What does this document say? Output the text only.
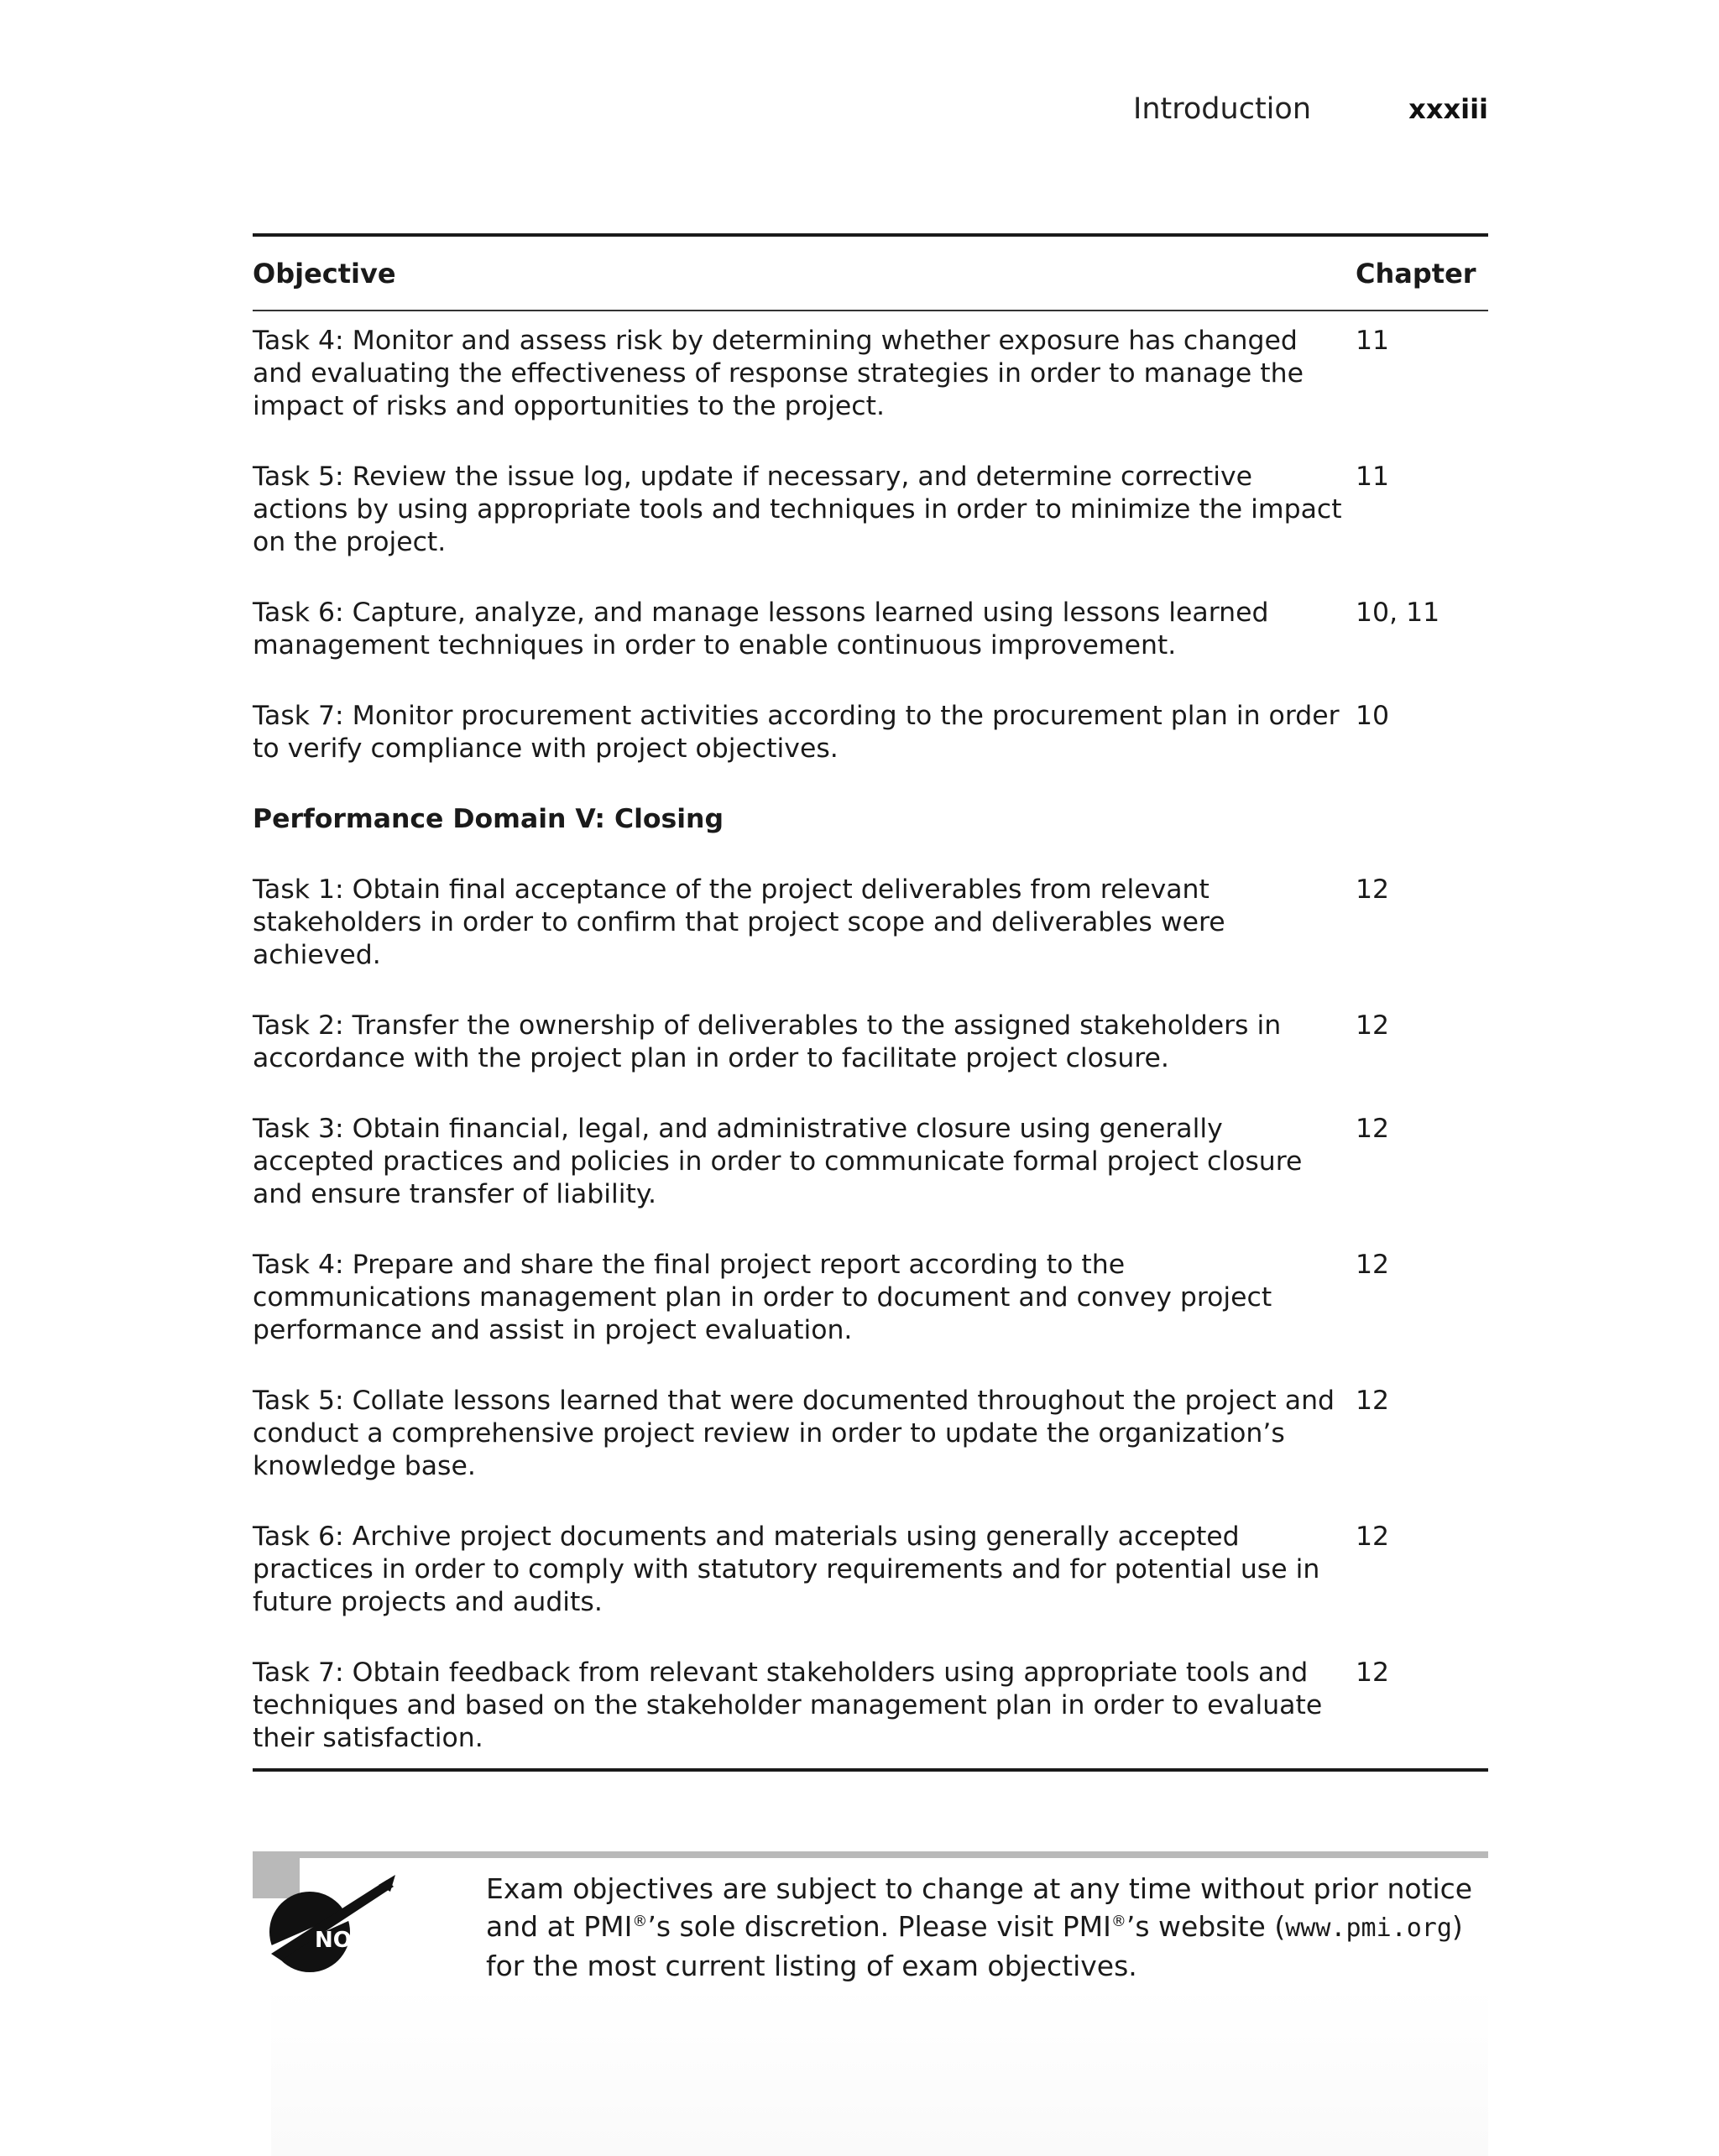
Introduction	xxxiii
Objective	Chapter
Task 4: Monitor and assess risk by determining whether exposure has changed and evaluating the effectiveness of response strategies in order to manage the impact of risks and opportunities to the project.
11
Task 5: Review the issue log, update if necessary, and determine corrective actions by using appropriate tools and techniques in order to minimize the impact on the project.
11
Task 6: Capture, analyze, and manage lessons learned using lessons learned management techniques in order to enable continuous improvement.
10, 11
Task 7: Monitor procurement activities according to the procurement plan in order to verify compliance with project objectives.
10
Performance Domain V: Closing
Task 1: Obtain final acceptance of the project deliverables from relevant stakeholders in order to confirm that project scope and deliverables were achieved.
12
Task 2: Transfer the ownership of deliverables to the assigned stakeholders in accordance with the project plan in order to facilitate project closure.
12
Task 3: Obtain financial, legal, and administrative closure using generally accepted practices and policies in order to communicate formal project closure and ensure transfer of liability.
12
Task 4: Prepare and share the final project report according to the communications management plan in order to document and convey project performance and assist in project evaluation.
12
Task 5: Collate lessons learned that were documented throughout the project and conduct a comprehensive project review in order to update the organization’s knowledge base.
12
Task 6: Archive project documents and materials using generally accepted practices in order to comply with statutory requirements and for potential use in future projects and audits.
12
Task 7: Obtain feedback from relevant stakeholders using appropriate tools and techniques and based on the stakeholder management plan in order to evaluate their satisfaction.
12
NOTE
Exam objectives are subject to change at any time without prior notice and at PMI®’s sole discretion. Please visit PMI®’s website (www.pmi.org) for the most current listing of exam objectives.
